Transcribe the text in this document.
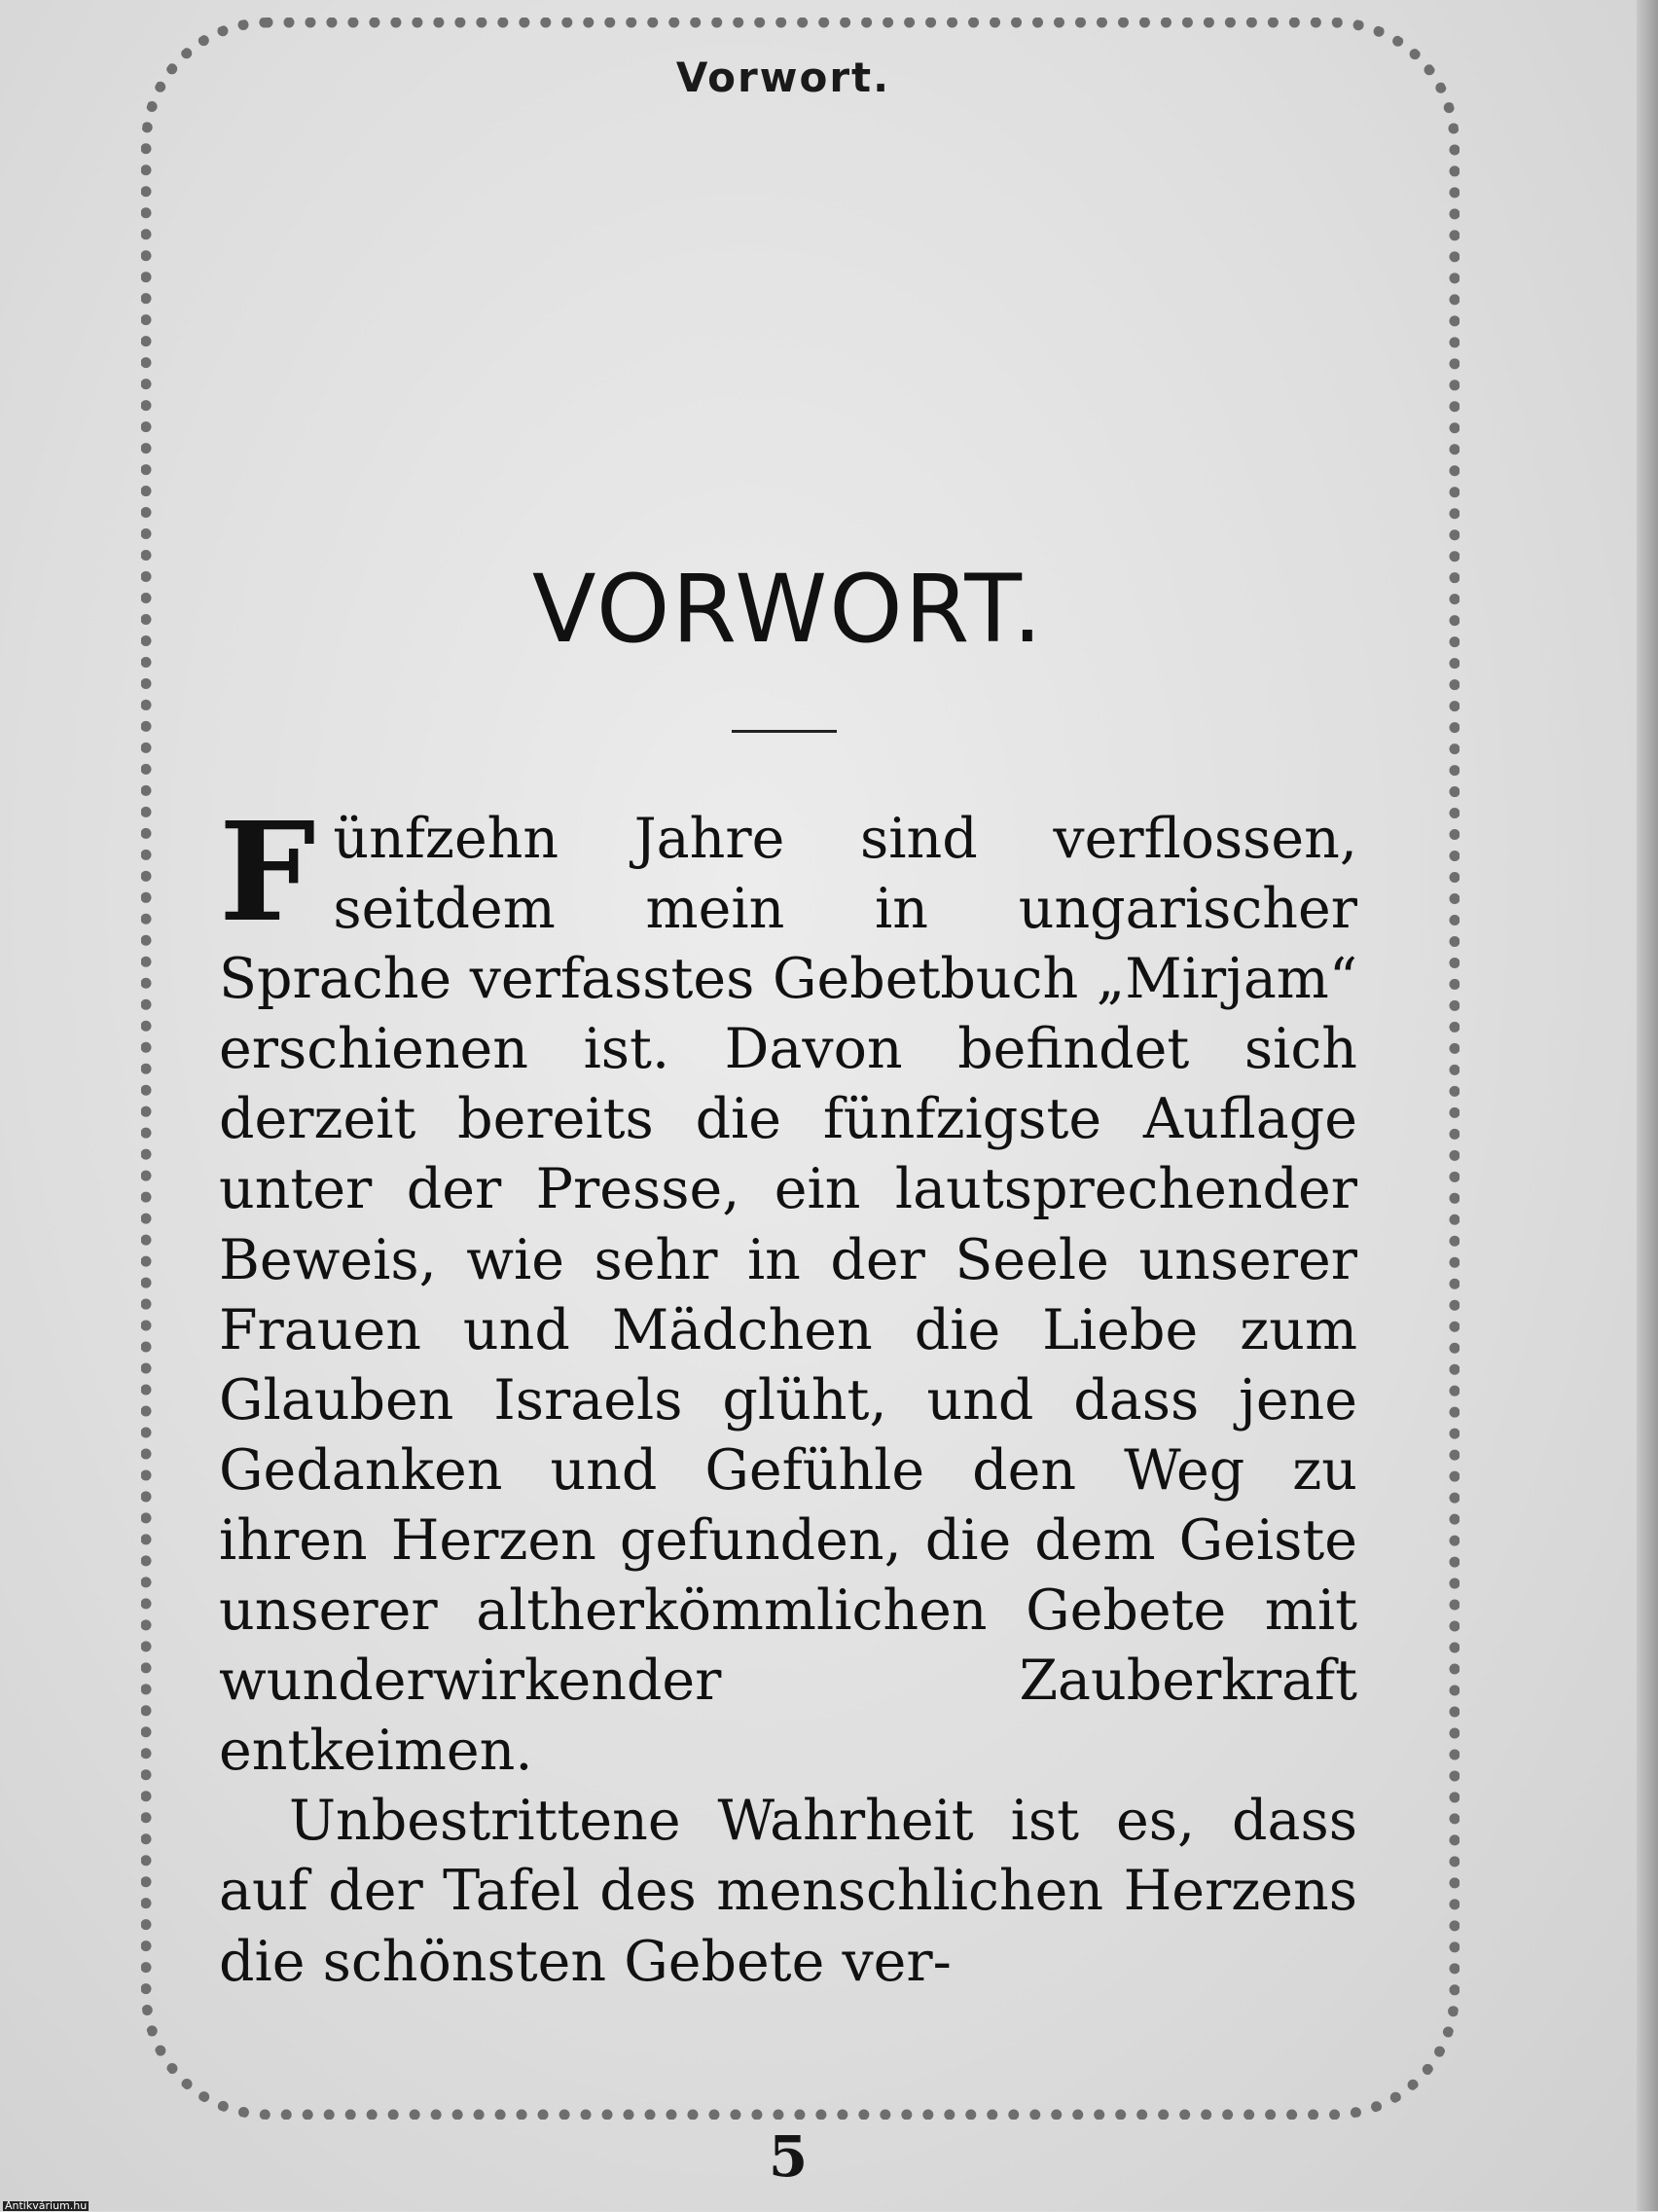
Vorwort.
VORWORT.

Fünfzehn Jahre sind verflossen, seitdem mein in ungarischer Sprache verfasstes Gebetbuch „Mirjam“ erschienen ist. Davon befindet sich derzeit bereits die fünfzigste Auflage unter der Presse, ein lautsprechender Beweis, wie sehr in der Seele unserer Frauen und Mädchen die Liebe zum Glauben Israels glüht, und dass jene Gedanken und Gefühle den Weg zu ihren Herzen gefunden, die dem Geiste unserer altherkömmlichen Gebete mit wunderwirkender Zauberkraft entkeimen.

Unbestrittene Wahrheit ist es, dass auf der Tafel des menschlichen Herzens die schönsten Gebete ver-

5
Antikvárium.hu
